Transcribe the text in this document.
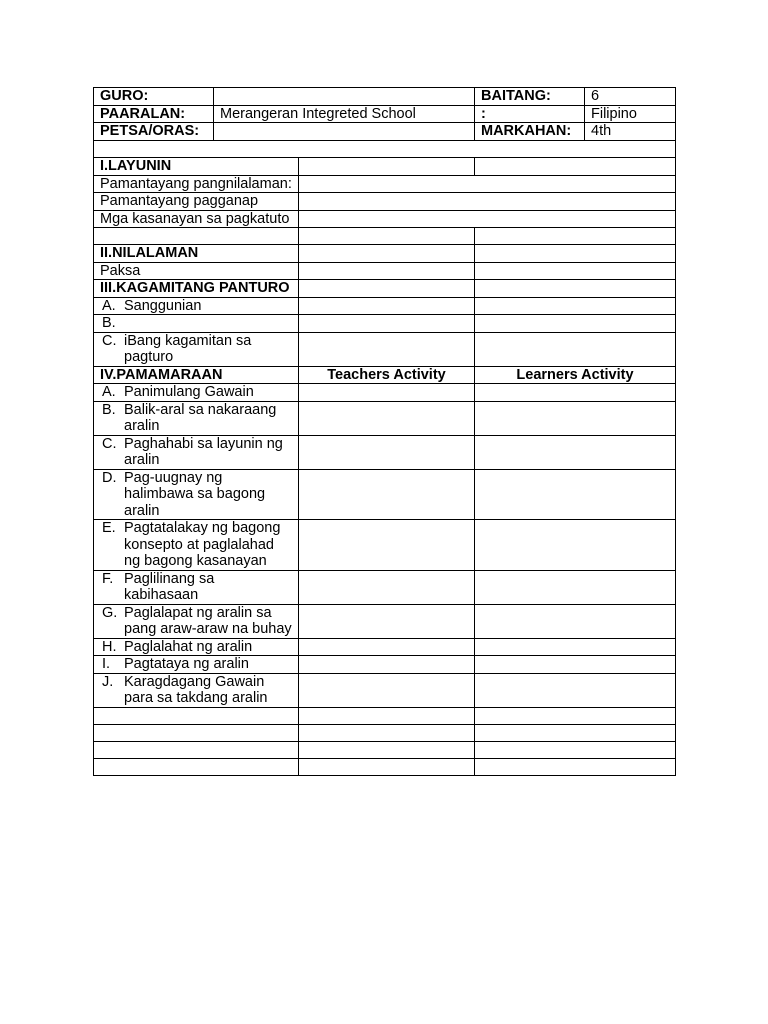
GURO:		BAITANG:	6
PAARALAN:	Merangeran Integreted School	:	Filipino
PETSA/ORAS:		MARKAHAN:	4th

I.LAYUNIN		
Pamantayang pangnilalaman:		
Pamantayang pagganap		
Mga kasanayan sa pagkatuto		

II.NILALAMAN		
Paksa		
III.KAGAMITANG PANTURO		
A. Sanggunian		
B.		
C. iBang kagamitan sa pagturo		
IV.PAMAMARAAN	Teachers Activity	Learners Activity
A. Panimulang Gawain		
B. Balik-aral sa nakaraang aralin		
C. Paghahabi sa layunin ng aralin		
D. Pag-uugnay ng halimbawa sa bagong aralin		
E. Pagtatalakay ng bagong konsepto at paglalahad ng bagong kasanayan		
F. Paglilinang sa kabihasaan		
G. Paglalapat ng aralin sa pang araw-araw na buhay		
H. Paglalahat ng aralin		
I. Pagtataya ng aralin		
J. Karagdagang Gawain para sa takdang aralin		
